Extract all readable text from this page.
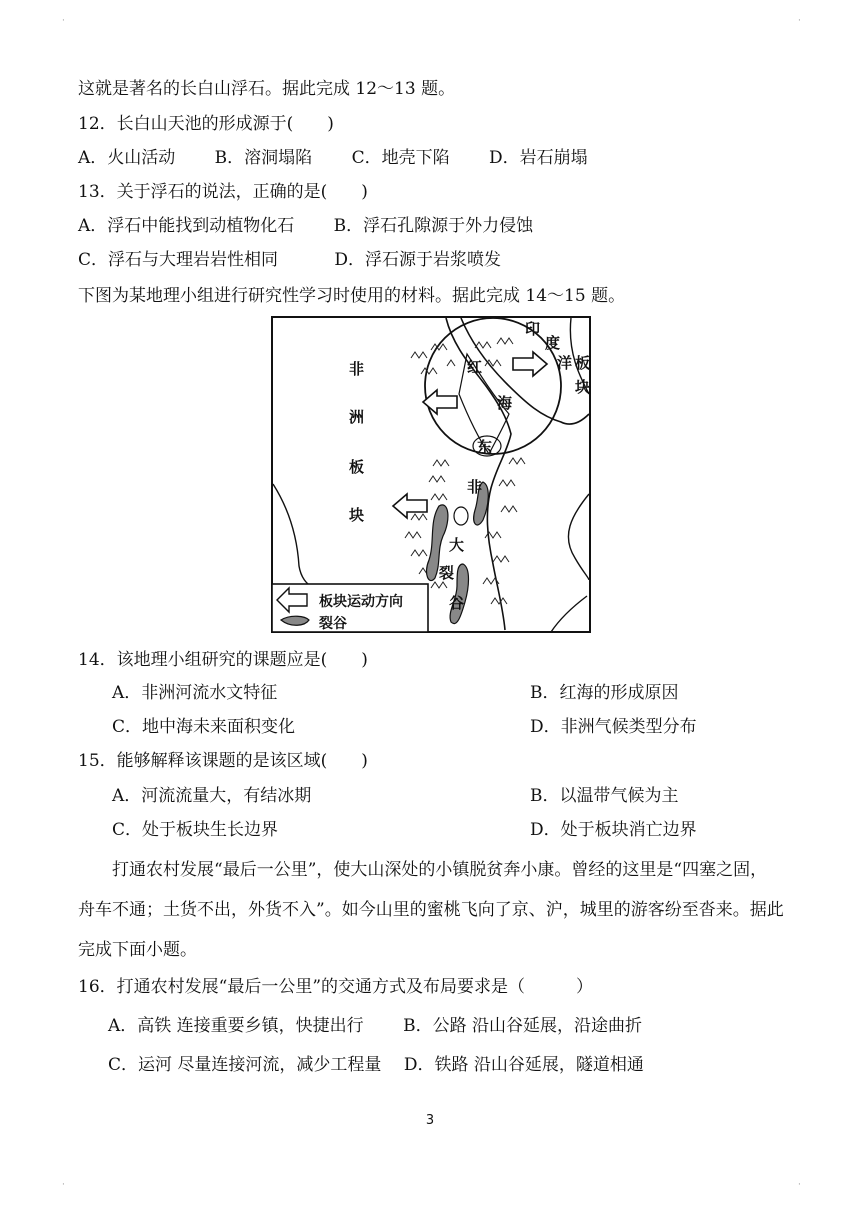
·	·
这就是著名的长白山浮石。据此完成 12～13 题。
12．长白山天池的形成源于(　　)
A．火山活动　　 B．溶洞塌陷　　 C．地壳下陷　　 D．岩石崩塌
13．关于浮石的说法，正确的是(　　)
A．浮石中能找到动植物化石　　 B．浮石孔隙源于外力侵蚀
C．浮石与大理岩岩性相同　　　 D．浮石源于岩浆喷发
下图为某地理小组进行研究性学习时使用的材料。据此完成 14～15 题。
板块运动方向
裂谷
非
洲
板
块
印
度
洋 板
块
红
海
东
非
大
裂
谷
14．该地理小组研究的课题应是(　　)
A．非洲河流水文特征	B．红海的形成原因
C．地中海未来面积变化	D．非洲气候类型分布
15．能够解释该课题的是该区域(　　)
A．河流流量大，有结冰期	B．以温带气候为主
C．处于板块生长边界	D．处于板块消亡边界
打通农村发展“最后一公里”，使大山深处的小镇脱贫奔小康。曾经的这里是“四塞之固，舟车不通；土货不出，外货不入”。如今山里的蜜桃飞向了京、沪，城里的游客纷至沓来。据此完成下面小题。
16．打通农村发展“最后一公里”的交通方式及布局要求是（　　　）
A．高铁 连接重要乡镇，快捷出行　　 B．公路 沿山谷延展，沿途曲折
C．运河 尽量连接河流，减少工程量　 D．铁路 沿山谷延展，隧道相通
3
·	·
